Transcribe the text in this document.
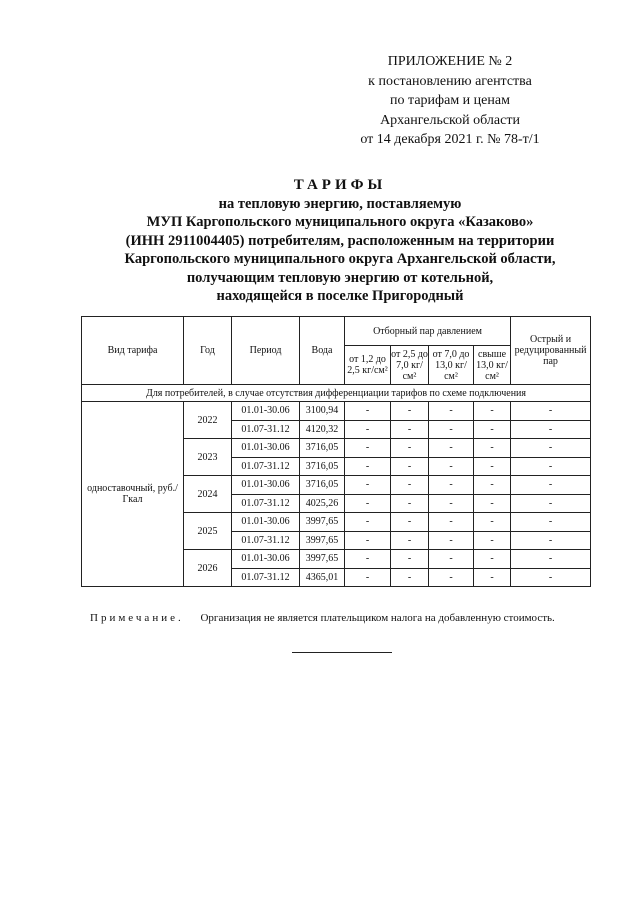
ПРИЛОЖЕНИЕ № 2
к постановлению агентства
по тарифам и ценам
Архангельской области
от 14 декабря 2021 г. № 78-т/1
ТАРИФЫ
на тепловую энергию, поставляемую
МУП Каргопольского муниципального округа «Казаково»
(ИНН 2911004405) потребителям, расположенным на территории
Каргопольского муниципального округа Архангельской области,
получающим тепловую энергию от котельной,
находящейся в поселке Пригородный
Вид тарифа	Год	Период	Вода	Отборный пар давлением				Острый и редуцированный пар
				от 1,2 до 2,5 кг/см²	от 2,5 до 7,0 кг/см²	от 7,0 до 13,0 кг/см²	свыше 13,0 кг/см²	
Для потребителей, в случае отсутствия дифференциации тарифов по схеме подключения								
одноставочный, руб./Гкал	2022	01.01-30.06	3100,94	-	-	-	-	-
		01.07-31.12	4120,32	-	-	-	-	-
	2023	01.01-30.06	3716,05	-	-	-	-	-
		01.07-31.12	3716,05	-	-	-	-	-
	2024	01.01-30.06	3716,05	-	-	-	-	-
		01.07-31.12	4025,26	-	-	-	-	-
	2025	01.01-30.06	3997,65	-	-	-	-	-
		01.07-31.12	3997,65	-	-	-	-	-
	2026	01.01-30.06	3997,65	-	-	-	-	-
		01.07-31.12	4365,01	-	-	-	-	-
Примечание. Организация не является плательщиком налога на добавленную стоимость.
